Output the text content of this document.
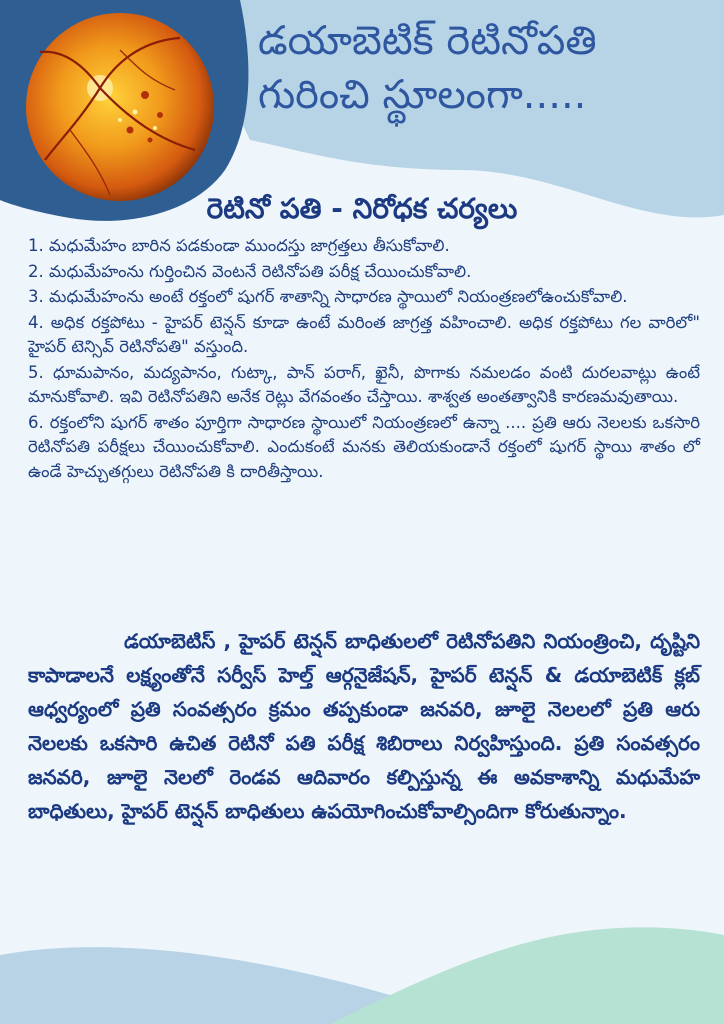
డయాబెటిక్ రెటినోపతి
గురించి స్థూలంగా.....
రెటినో పతి - నిరోధక చర్యలు
1. మధుమేహం బారిన పడకుండా ముందస్తు జాగ్రత్తలు తీసుకోవాలి.
2. మధుమేహంను గుర్తించిన వెంటనే రెటినోపతి పరీక్ష చేయించుకోవాలి.
3. మధుమేహంను అంటే రక్తంలో షుగర్ శాతాన్ని సాధారణ స్థాయిలో నియంత్రణలోఉంచుకోవాలి.
4. అధిక రక్తపోటు - హైపర్ టెన్షన్ కూడా ఉంటే మరింత జాగ్రత్త వహించాలి. అధిక రక్తపోటు గల వారిలో" హైపర్ టెన్సివ్ రెటినోపతి" వస్తుంది.
5. ధూమపానం, మద్యపానం, గుట్కా, పాన్ పరాగ్, ఖైనీ, పొగాకు నమలడం వంటి దురలవాట్లు ఉంటే మానుకోవాలి. ఇవి రెటినోపతిని అనేక రెట్లు వేగవంతం చేస్తాయి. శాశ్వత అంతత్వానికి కారణమవుతాయి.
6. రక్తంలోని షుగర్ శాతం పూర్తిగా సాధారణ స్థాయిలో నియంత్రణలో ఉన్నా .... ప్రతి ఆరు నెలలకు ఒకసారి రెటినోపతి పరీక్షలు చేయించుకోవాలి. ఎందుకంటే మనకు తెలియకుండానే రక్తంలో షుగర్ స్థాయి శాతం లో ఉండే హెచ్చుతగ్గులు రెటినోపతి కి దారితీస్తాయి.

డయాబెటిస్ , హైపర్ టెన్షన్ బాధితులలో రెటినోపతిని నియంత్రించి, దృష్టిని కాపాడాలనే లక్ష్యంతోనే సర్వీస్ హెల్త్ ఆర్గనైజేషన్, హైపర్ టెన్షన్ & డయాబెటిక్ క్లబ్ ఆధ్వర్యంలో ప్రతి సంవత్సరం క్రమం తప్పకుండా జనవరి, జూలై నెలలలో ప్రతి ఆరు నెలలకు ఒకసారి ఉచిత రెటినో పతి పరీక్ష శిబిరాలు నిర్వహిస్తుంది. ప్రతి సంవత్సరం జనవరి, జూలై నెలలో రెండవ ఆదివారం కల్పిస్తున్న ఈ అవకాశాన్ని మధుమేహ బాధితులు, హైపర్ టెన్షన్ బాధితులు ఉపయోగించుకోవాల్సిందిగా కోరుతున్నాం.
